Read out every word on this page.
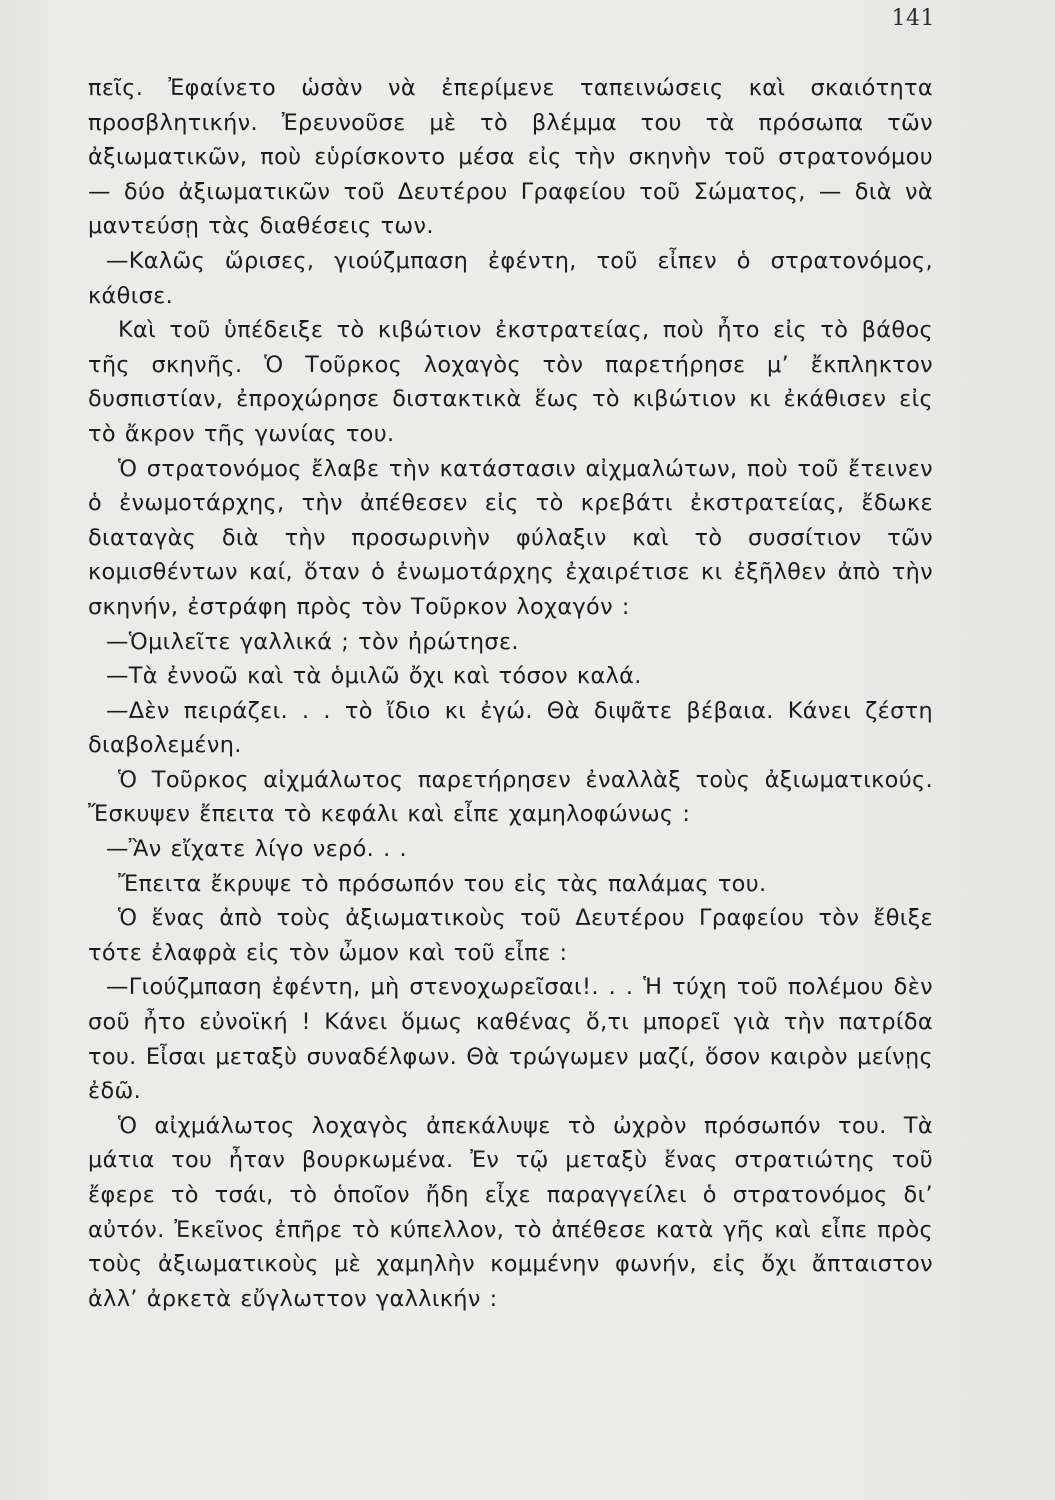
141

πεῖς. Ἐφαίνετο ὡσὰν νὰ ἐπερίμενε ταπεινώσεις καὶ σκαιότητα προσβλητικήν. Ἐρευνοῦσε μὲ τὸ βλέμμα του τὰ πρόσωπα τῶν ἀξιωματικῶν, ποὺ εὑρίσκοντο μέσα εἰς τὴν σκηνὴν τοῦ στρατονόμου — δύο ἀξιωματικῶν τοῦ Δευτέρου Γραφείου τοῦ Σώματος, — διὰ νὰ μαντεύσῃ τὰς διαθέσεις των.

—Καλῶς ὥρισες, γιούζμπαση ἐφέντη, τοῦ εἶπεν ὁ στρατονόμος, κάθισε.

Καὶ τοῦ ὑπέδειξε τὸ κιβώτιον ἐκστρατείας, ποὺ ἦτο εἰς τὸ βάθος τῆς σκηνῆς. Ὁ Τοῦρκος λοχαγὸς τὸν παρετήρησε μ’ ἔκπληκτον δυσπιστίαν, ἐπροχώρησε διστακτικὰ ἕως τὸ κιβώτιον κι ἐκάθισεν εἰς τὸ ἄκρον τῆς γωνίας του.

Ὁ στρατονόμος ἔλαβε τὴν κατάστασιν αἰχμαλώτων, ποὺ τοῦ ἔτεινεν ὁ ἐνωμοτάρχης, τὴν ἀπέθεσεν εἰς τὸ κρεβάτι ἐκστρατείας, ἔδωκε διαταγὰς διὰ τὴν προσωρινὴν φύλαξιν καὶ τὸ συσσίτιον τῶν κομισθέντων καί, ὅταν ὁ ἐνωμοτάρχης ἐχαιρέτισε κι ἐξῆλθεν ἀπὸ τὴν σκηνήν, ἐστράφη πρὸς τὸν Τοῦρκον λοχαγόν :

—Ὁμιλεῖτε γαλλικά ; τὸν ἠρώτησε.

—Τὰ ἐννοῶ καὶ τὰ ὁμιλῶ ὄχι καὶ τόσον καλά.

—Δὲν πειράζει. . . τὸ ἴδιο κι ἐγώ. Θὰ διψᾶτε βέβαια. Κάνει ζέστη διαβολεμένη.

Ὁ Τοῦρκος αἰχμάλωτος παρετήρησεν ἐναλλὰξ τοὺς ἀξιωματικούς. Ἔσκυψεν ἔπειτα τὸ κεφάλι καὶ εἶπε χαμηλοφώνως :

—Ἂν εἴχατε λίγο νερό. . .

Ἔπειτα ἔκρυψε τὸ πρόσωπόν του εἰς τὰς παλάμας του.

Ὁ ἕνας ἀπὸ τοὺς ἀξιωματικοὺς τοῦ Δευτέρου Γραφείου τὸν ἔθιξε τότε ἐλαφρὰ εἰς τὸν ὦμον καὶ τοῦ εἶπε :

—Γιούζμπαση ἐφέντη, μὴ στενοχωρεῖσαι!. . . Ἡ τύχη τοῦ πολέμου δὲν σοῦ ἦτο εὐνοϊκή ! Κάνει ὅμως καθένας ὅ,τι μπορεῖ γιὰ τὴν πατρίδα του. Εἶσαι μεταξὺ συναδέλφων. Θὰ τρώγωμεν μαζί, ὅσον καιρὸν μείνῃς ἐδῶ.

Ὁ αἰχμάλωτος λοχαγὸς ἀπεκάλυψε τὸ ὠχρὸν πρόσωπόν του. Τὰ μάτια του ἦταν βουρκωμένα. Ἐν τῷ μεταξὺ ἕνας στρατιώτης τοῦ ἔφερε τὸ τσάι, τὸ ὁποῖον ἤδη εἶχε παραγγείλει ὁ στρατονόμος δι’ αὐτόν. Ἐκεῖνος ἐπῆρε τὸ κύπελλον, τὸ ἀπέθεσε κατὰ γῆς καὶ εἶπε πρὸς τοὺς ἀξιωματικοὺς μὲ χαμηλὴν κομμένην φωνήν, εἰς ὄχι ἄπταιστον ἀλλ’ ἀρκετὰ εὔγλωττον γαλλικήν :
